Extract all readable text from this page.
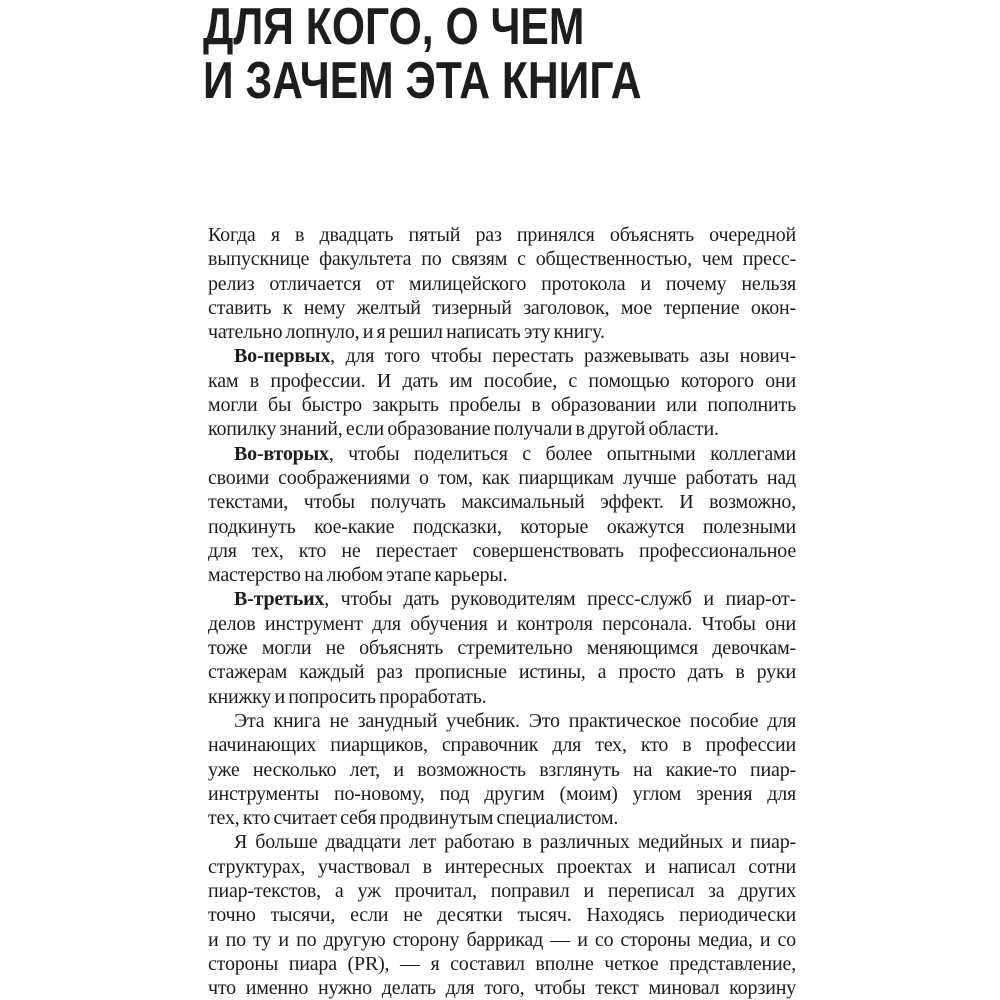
ДЛЯ КОГО, О ЧЕМ
И ЗАЧЕМ ЭТА КНИГА
Когда я в двадцать пятый раз принялся объяснять очередной
выпускнице факультета по связям с общественностью, чем пресс-
релиз отличается от милицейского протокола и почему нельзя
ставить к нему желтый тизерный заголовок, мое терпение окон-
чательно лопнуло, и я решил написать эту книгу.
Во-первых, для того чтобы перестать разжевывать азы нович-
кам в профессии. И дать им пособие, с помощью которого они
могли бы быстро закрыть пробелы в образовании или пополнить
копилку знаний, если образование получали в другой области.
Во-вторых, чтобы поделиться с более опытными коллегами
своими соображениями о том, как пиарщикам лучше работать над
текстами, чтобы получать максимальный эффект. И возможно,
подкинуть кое-какие подсказки, которые окажутся полезными
для тех, кто не перестает совершенствовать профессиональное
мастерство на любом этапе карьеры.
В-третьих, чтобы дать руководителям пресс-служб и пиар-от-
делов инструмент для обучения и контроля персонала. Чтобы они
тоже могли не объяснять стремительно меняющимся девочкам-
стажерам каждый раз прописные истины, а просто дать в руки
книжку и попросить проработать.
Эта книга не занудный учебник. Это практическое пособие для
начинающих пиарщиков, справочник для тех, кто в профессии
уже несколько лет, и возможность взглянуть на какие-то пиар-
инструменты по-новому, под другим (моим) углом зрения для
тех, кто считает себя продвинутым специалистом.
Я больше двадцати лет работаю в различных медийных и пиар-
структурах, участвовал в интересных проектах и написал сотни
пиар-текстов, а уж прочитал, поправил и переписал за других
точно тысячи, если не десятки тысяч. Находясь периодически
и по ту и по другую сторону баррикад — и со стороны медиа, и со
стороны пиара (PR), — я составил вполне четкое представление,
что именно нужно делать для того, чтобы текст миновал корзину
